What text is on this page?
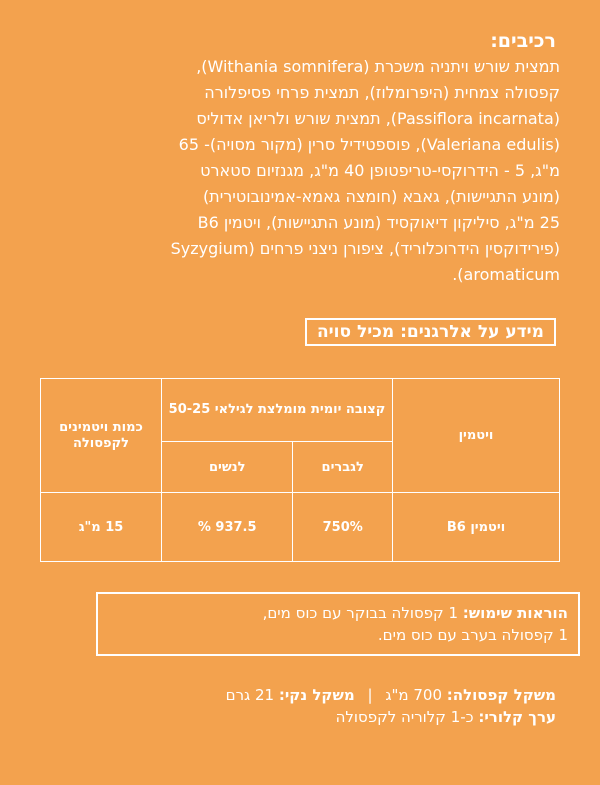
רכיבים:
תמצית שורש ויתניה משכרת (Withania somnifera),
קפסולה צמחית (היפרומלוז), תמצית פרחי פסיפלורה
(Passiflora incarnata), תמצית שורש ולריאן אדוליס
(Valeriana edulis), פוספטידיל סרין (מקור מסויה)- 65
מ"ג, 5 - הידרוקסי-טריפטופן 40 מ"ג, מגנזיום סטארט
(מונע התגיישות), גאבא (חומצה גאמא-אמינובוטירית)
25 מ"ג, סיליקון דיאוקסיד (מונע התגיישות), ויטמין B6
(פירידוקסין הידרוכלוריד), ציפורן ניצני פרחים (Syzygium
aromaticum).
מידע על אלרגנים: מכיל סויה
ויטמין	קצובה יומית מומלצת לגילאי 50-25		כמות ויטמינים לקפסולה
	לגברים	לנשים	
ויטמין B6	750%	937.5 %	15 מ"ג
הוראות שימוש: 1 קפסולה בבוקר עם כוס מים,
1 קפסולה בערב עם כוס מים.
משקל קפסולה: 700 מ"ג | משקל נקי: 21 גרם
ערך קלורי: כ-1 קלוריה לקפסולה
